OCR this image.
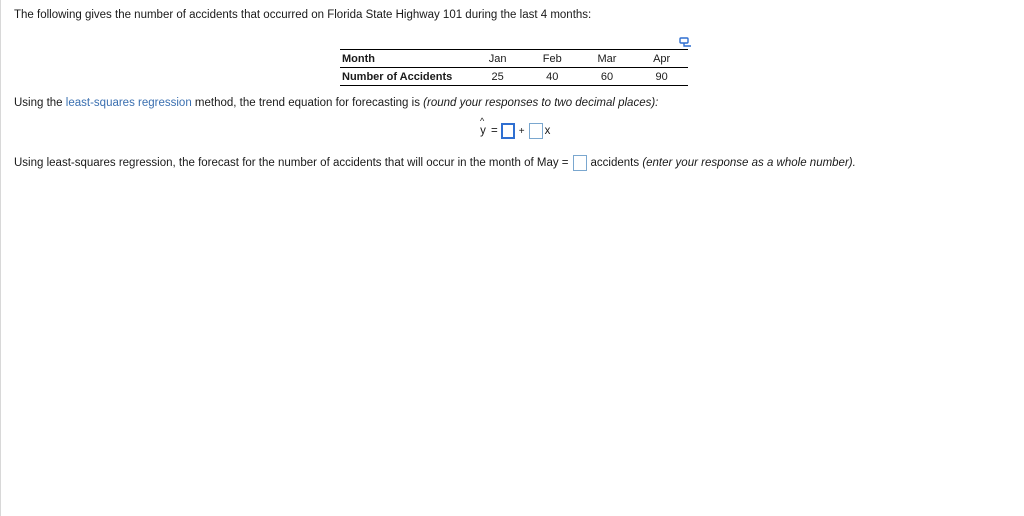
The following gives the number of accidents that occurred on Florida State Highway 101 during the last 4 months:
Month	Jan	Feb	Mar	Apr
Number of Accidents	25	40	60	90
Using the least-squares regression method, the trend equation for forecasting is (round your responses to two decimal places):
^
y = + x
Using least-squares regression, the forecast for the number of accidents that will occur in the month of May = accidents
(enter your response as a whole number).
